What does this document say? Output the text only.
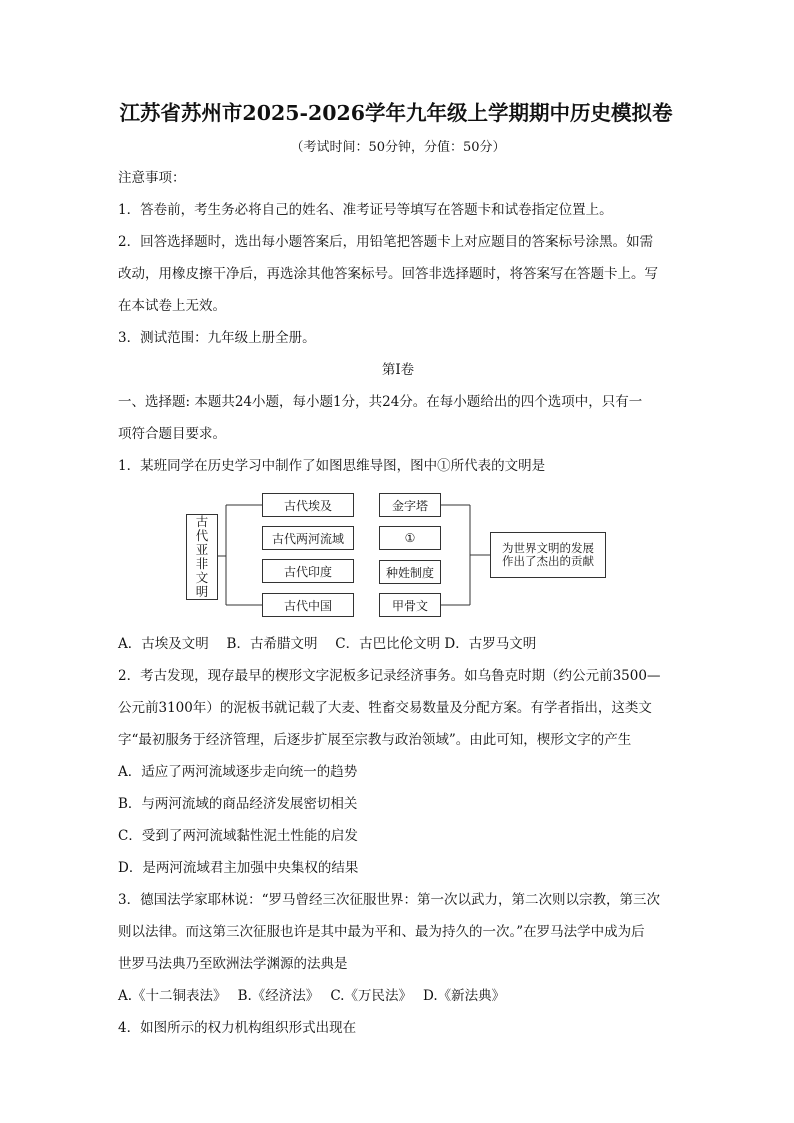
江苏省苏州市2025-2026学年九年级上学期期中历史模拟卷
（考试时间：50分钟，分值：50分）
注意事项：
1．答卷前，考生务必将自己的姓名、准考证号等填写在答题卡和试卷指定位置上。
2．回答选择题时，选出每小题答案后，用铅笔把答题卡上对应题目的答案标号涂黑。如需
改动，用橡皮擦干净后，再选涂其他答案标号。回答非选择题时，将答案写在答题卡上。写
在本试卷上无效。
3．测试范围：九年级上册全册。
第Ⅰ卷
一、选择题: 本题共24小题，每小题1分，共24分。在每小题给出的四个选项中，只有一
项符合题目要求。
1．某班同学在历史学习中制作了如图思维导图，图中①所代表的文明是
古
代
亚
非
文
明
古代埃及
古代两河流域
古代印度
古代中国
金字塔
①
种姓制度
甲骨文
为世界文明的发展
作出了杰出的贡献
A．古埃及文明　 B．古希腊文明　 C．古巴比伦文明 D．古罗马文明
2．考古发现，现存最早的楔形文字泥板多记录经济事务。如乌鲁克时期（约公元前3500—
公元前3100年）的泥板书就记载了大麦、牲畜交易数量及分配方案。有学者指出，这类文
字“最初服务于经济管理，后逐步扩展至宗教与政治领域”。由此可知，楔形文字的产生
A．适应了两河流域逐步走向统一的趋势
B．与两河流域的商品经济发展密切相关
C．受到了两河流域黏性泥土性能的启发
D．是两河流域君主加强中央集权的结果
3．德国法学家耶林说：“罗马曾经三次征服世界：第一次以武力，第二次则以宗教，第三次
则以法律。而这第三次征服也许是其中最为平和、最为持久的一次。”在罗马法学中成为后
世罗马法典乃至欧洲法学渊源的法典是
A.《十二铜表法》　 B.《经济法》　 C.《万民法》　 D.《新法典》
4．如图所示的权力机构组织形式出现在
